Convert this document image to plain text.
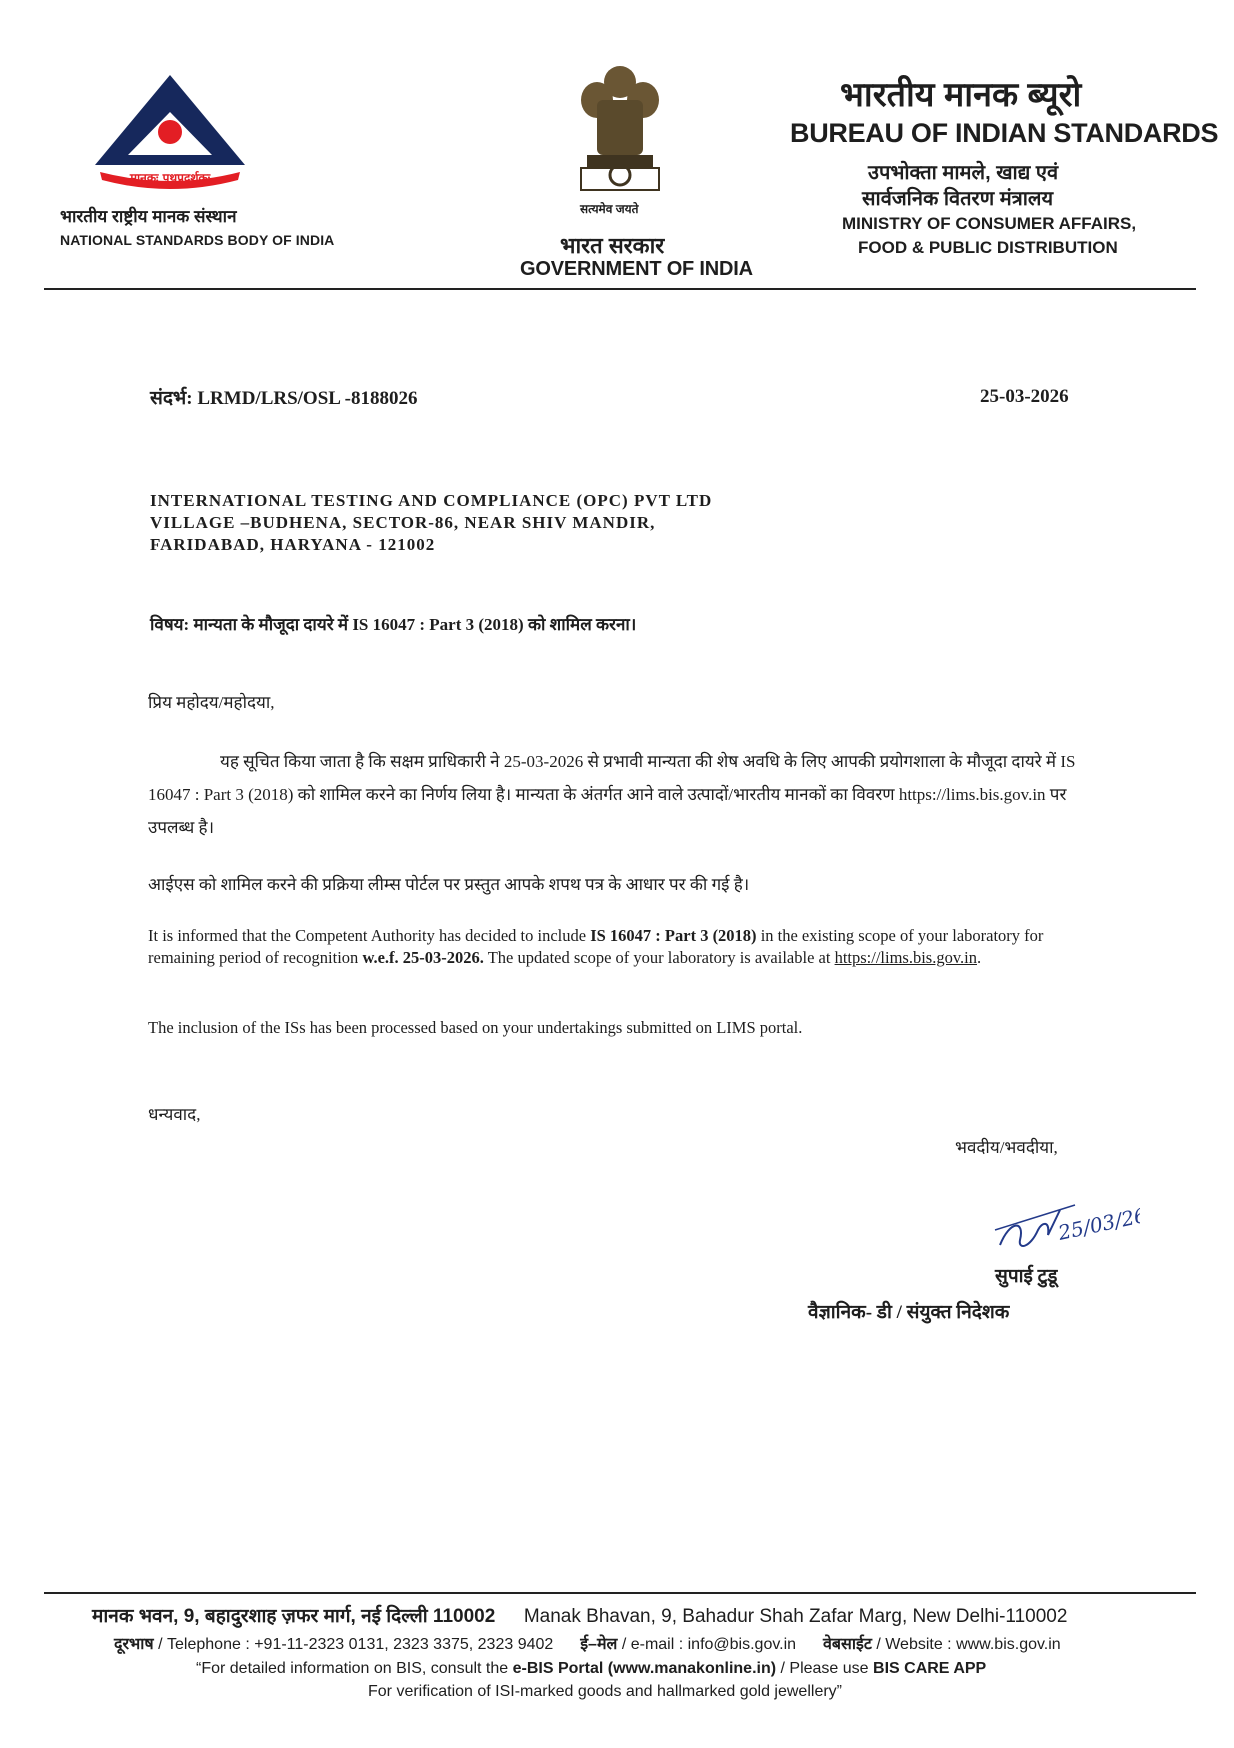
मानकः पथप्रदर्शकः
भारतीय राष्ट्रीय मानक संस्थान
NATIONAL STANDARDS BODY OF INDIA
सत्यमेव जयते
भारत सरकार
GOVERNMENT OF INDIA
भारतीय मानक ब्यूरो
BUREAU OF INDIAN STANDARDS
उपभोक्ता मामले, खाद्य एवं
सार्वजनिक वितरण मंत्रालय
MINISTRY OF CONSUMER AFFAIRS,
FOOD & PUBLIC DISTRIBUTION
संदर्भ: LRMD/LRS/OSL -8188026	25-03-2026
INTERNATIONAL TESTING AND COMPLIANCE (OPC) PVT LTD
VILLAGE –BUDHENA, SECTOR-86, NEAR SHIV MANDIR,
FARIDABAD, HARYANA - 121002
विषय: मान्यता के मौजूदा दायरे में IS 16047 : Part 3 (2018) को शामिल करना।
प्रिय महोदय/महोदया,
यह सूचित किया जाता है कि सक्षम प्राधिकारी ने 25-03-2026 से प्रभावी मान्यता की शेष अवधि के लिए आपकी प्रयोगशाला के मौजूदा दायरे में IS 16047 : Part 3 (2018) को शामिल करने का निर्णय लिया है। मान्यता के अंतर्गत आने वाले उत्पादों/भारतीय मानकों का विवरण https://lims.bis.gov.in पर उपलब्ध है।
आईएस को शामिल करने की प्रक्रिया लीम्स पोर्टल पर प्रस्तुत आपके शपथ पत्र के आधार पर की गई है।
It is informed that the Competent Authority has decided to include IS 16047 : Part 3 (2018) in the existing scope of your laboratory for remaining period of recognition w.e.f. 25-03-2026. The updated scope of your laboratory is available at https://lims.bis.gov.in.
The inclusion of the ISs has been processed based on your undertakings submitted on LIMS portal.
धन्यवाद,
भवदीय/भवदीया,
25/03/26
सुपाई टुडू
वैज्ञानिक- डी / संयुक्त निदेशक
मानक भवन, 9, बहादुरशाह ज़फर मार्ग, नई दिल्ली 110002 Manak Bhavan, 9, Bahadur Shah Zafar Marg, New Delhi-110002
दूरभाष / Telephone : +91-11-2323 0131, 2323 3375, 2323 9402 ई–मेल / e-mail : info@bis.gov.in वेबसाईट / Website : www.bis.gov.in
“For detailed information on BIS, consult the e-BIS Portal (www.manakonline.in) / Please use BIS CARE APP
For verification of ISI-marked goods and hallmarked gold jewellery”
